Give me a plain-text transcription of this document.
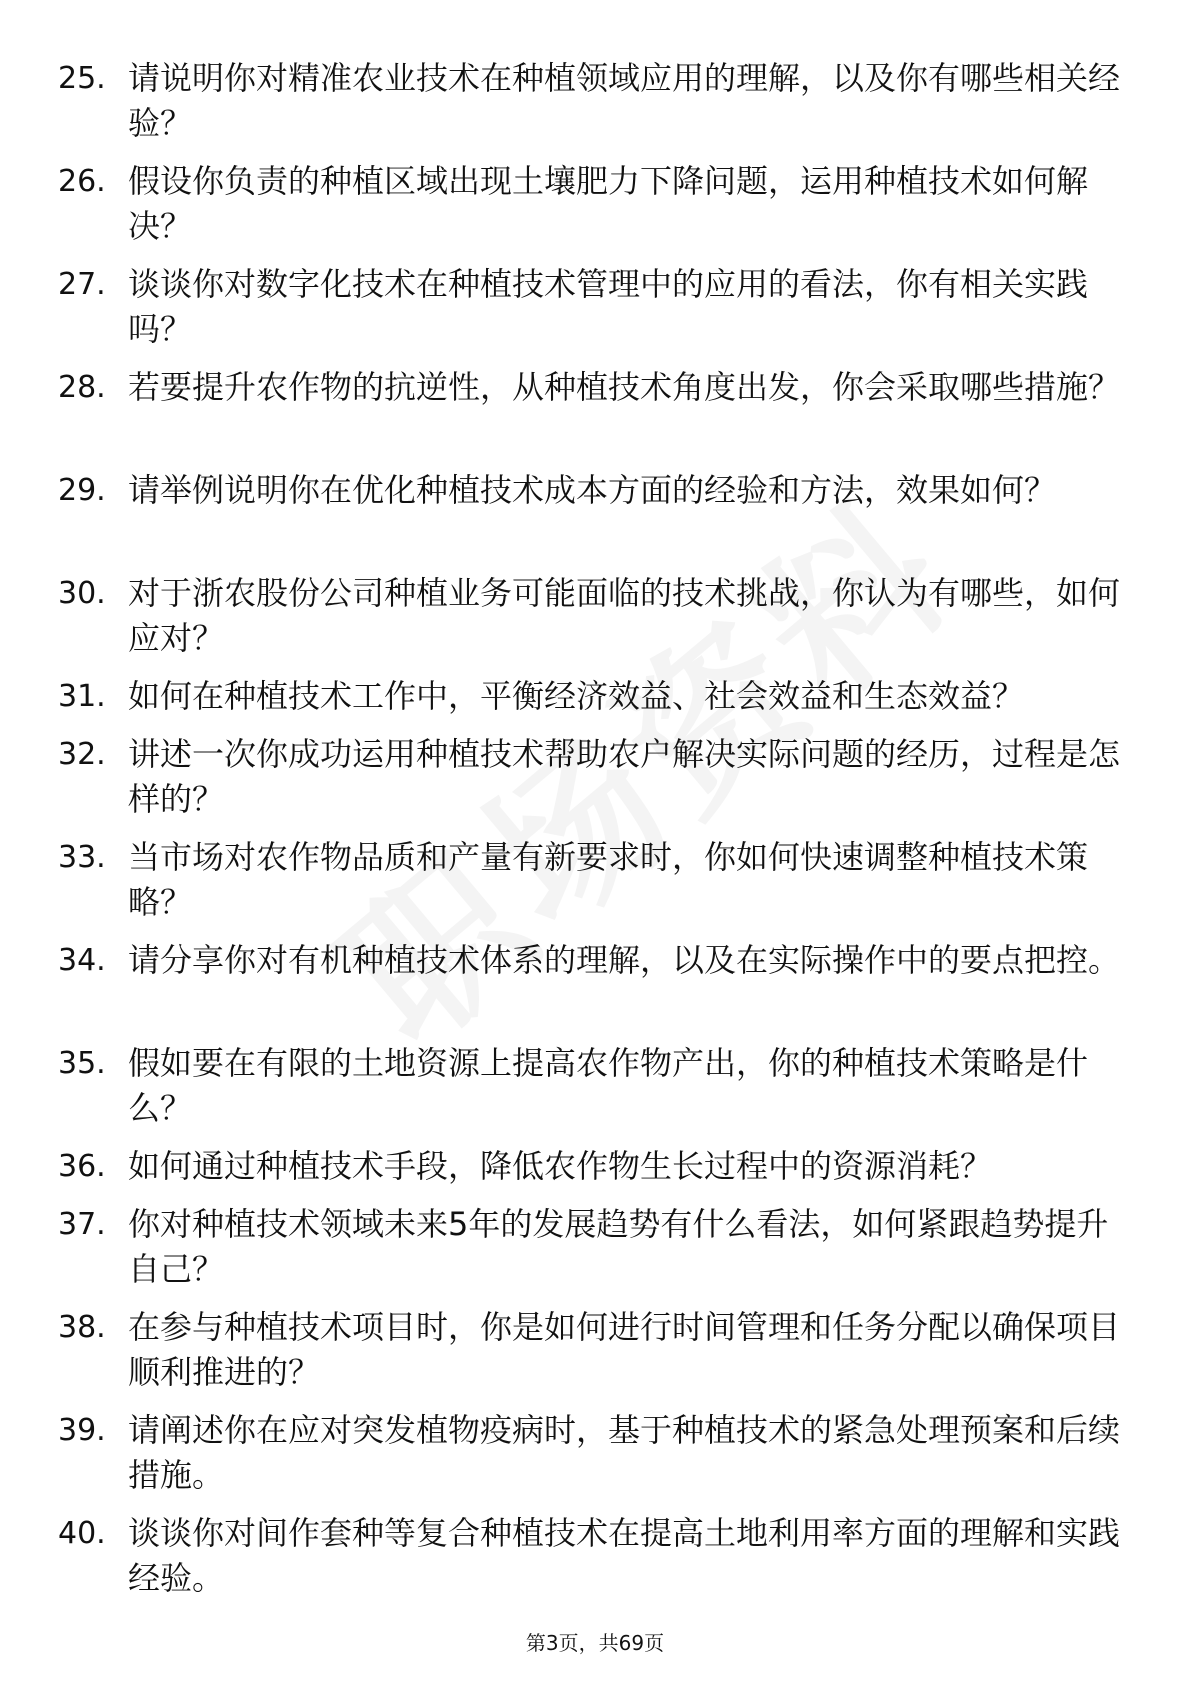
25. 请说明你对精准农业技术在种植领域应用的理解，以及你有哪些相关经验？
26. 假设你负责的种植区域出现土壤肥力下降问题，运用种植技术如何解决？
27. 谈谈你对数字化技术在种植技术管理中的应用的看法，你有相关实践吗？
28. 若要提升农作物的抗逆性，从种植技术角度出发，你会采取哪些措施？
29. 请举例说明你在优化种植技术成本方面的经验和方法，效果如何？
30. 对于浙农股份公司种植业务可能面临的技术挑战，你认为有哪些，如何应对？
31. 如何在种植技术工作中，平衡经济效益、社会效益和生态效益？
32. 讲述一次你成功运用种植技术帮助农户解决实际问题的经历，过程是怎样的？
33. 当市场对农作物品质和产量有新要求时，你如何快速调整种植技术策略？
34. 请分享你对有机种植技术体系的理解，以及在实际操作中的要点把控。
35. 假如要在有限的土地资源上提高农作物产出，你的种植技术策略是什么？
36. 如何通过种植技术手段，降低农作物生长过程中的资源消耗？
37. 你对种植技术领域未来5年的发展趋势有什么看法，如何紧跟趋势提升自己？
38. 在参与种植技术项目时，你是如何进行时间管理和任务分配以确保项目顺利推进的？
39. 请阐述你在应对突发植物疫病时，基于种植技术的紧急处理预案和后续措施。
40. 谈谈你对间作套种等复合种植技术在提高土地利用率方面的理解和实践经验。
第3页，共69页
